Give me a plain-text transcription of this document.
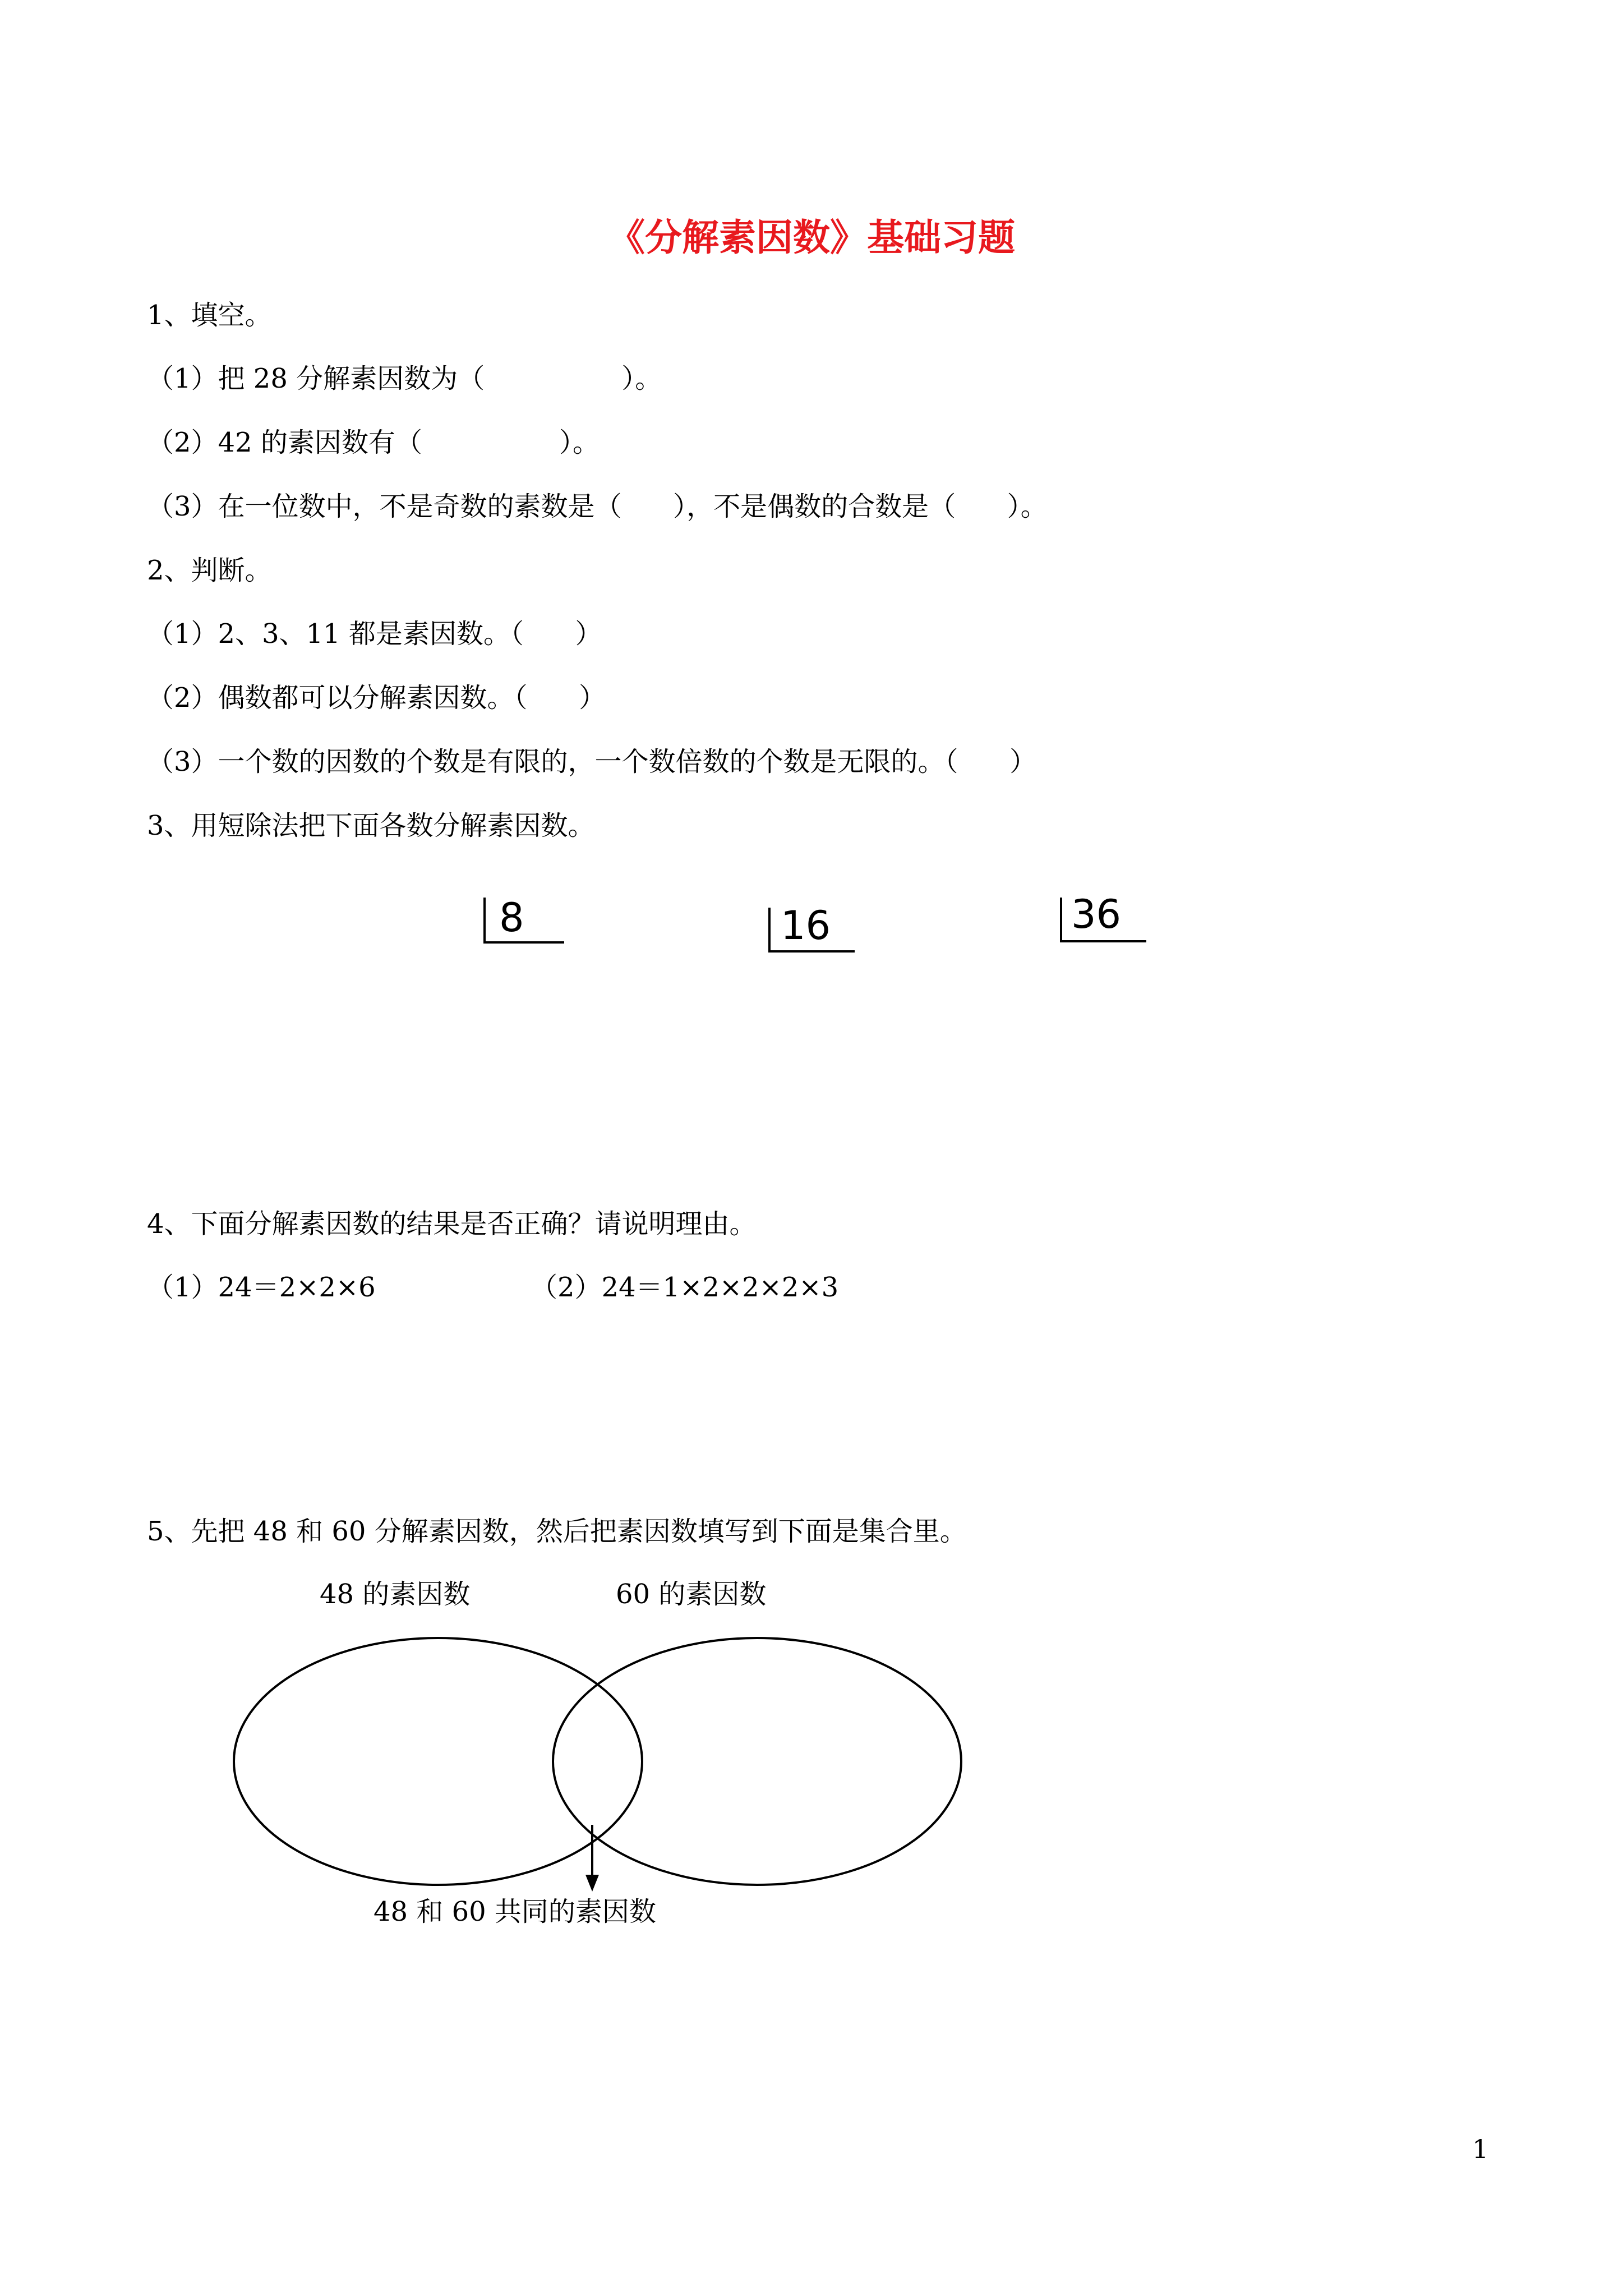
《分解素因数》基础习题
1、填空。
（1）把 28 分解素因数为（                ）。
（2）42 的素因数有（                ）。
（3）在一位数中，不是奇数的素数是（      ），不是偶数的合数是（      ）。
2、判断。
（1）2、3、11 都是素因数。（      ）
（2）偶数都可以分解素因数。（      ）
（3）一个数的因数的个数是有限的，一个数倍数的个数是无限的。（      ）
3、用短除法把下面各数分解素因数。
8	16	36
4、下面分解素因数的结果是否正确？请说明理由。
（1）24＝2×2×6	（2）24＝1×2×2×2×3
5、先把 48 和 60 分解素因数，然后把素因数填写到下面是集合里。
48 的素因数	60 的素因数
48 和 60 共同的素因数
1
